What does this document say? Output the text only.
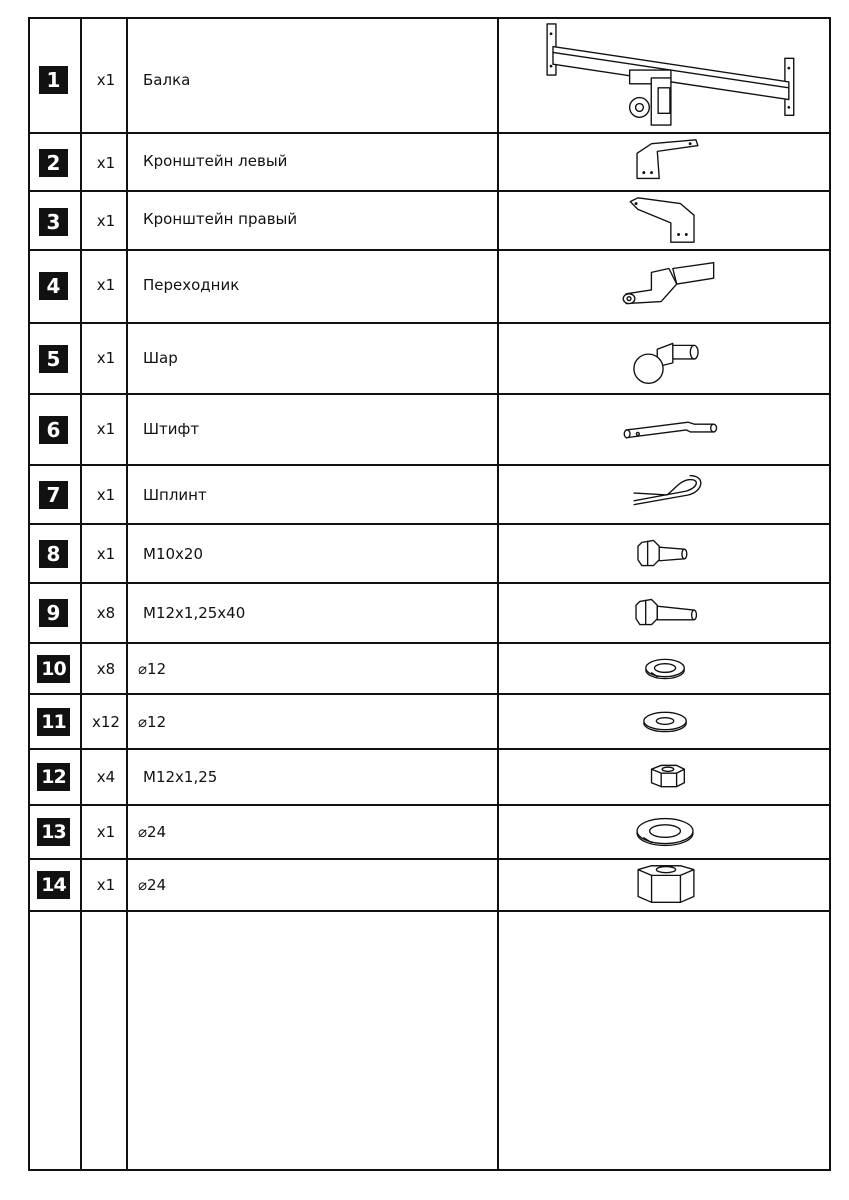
1	x1	Балка
2	x1	Кронштейн левый
3	x1	Кронштейн правый
4	x1	Переходник
5	x1	Шар
6	x1	Штифт
7	x1	Шплинт
8	x1	M10x20
9	x8	M12x1,25x40
10	x8	⌀12
11	x12	⌀12
12	x4	M12x1,25
13	x1	⌀24
14	x1	⌀24
